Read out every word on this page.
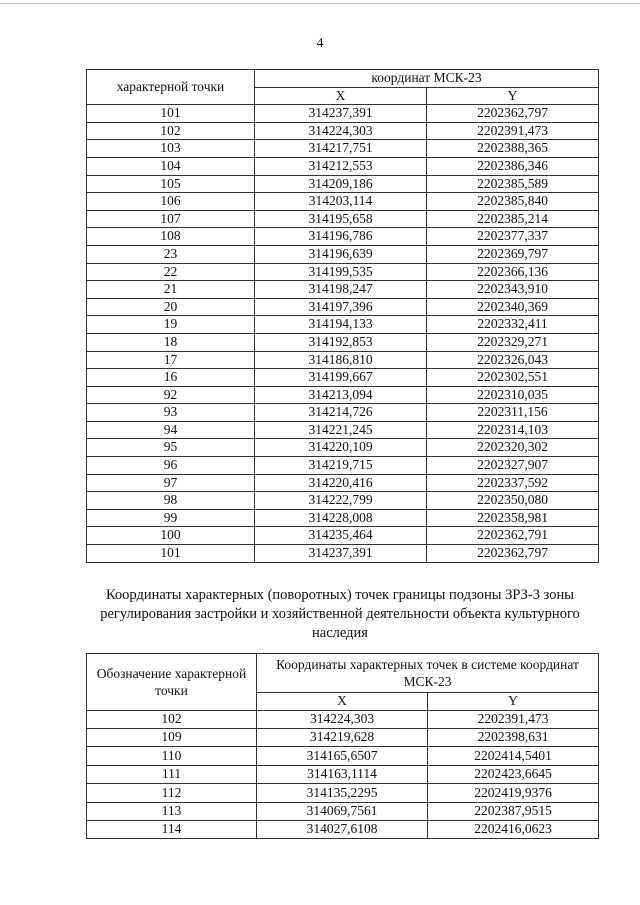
4
характерной точки	координат МСК-23	
	X	Y
101	314237,391	2202362,797
102	314224,303	2202391,473
103	314217,751	2202388,365
104	314212,553	2202386,346
105	314209,186	2202385,589
106	314203,114	2202385,840
107	314195,658	2202385,214
108	314196,786	2202377,337
23	314196,639	2202369,797
22	314199,535	2202366,136
21	314198,247	2202343,910
20	314197,396	2202340,369
19	314194,133	2202332,411
18	314192,853	2202329,271
17	314186,810	2202326,043
16	314199,667	2202302,551
92	314213,094	2202310,035
93	314214,726	2202311,156
94	314221,245	2202314,103
95	314220,109	2202320,302
96	314219,715	2202327,907
97	314220,416	2202337,592
98	314222,799	2202350,080
99	314228,008	2202358,981
100	314235,464	2202362,791
101	314237,391	2202362,797
Координаты характерных (поворотных) точек границы подзоны ЗРЗ-3 зоны регулирования застройки и хозяйственной деятельности объекта культурного наследия
Обозначение характерной точки	Координаты характерных точек в системе координат МСК-23	
	X	Y
102	314224,303	2202391,473
109	314219,628	2202398,631
110	314165,6507	2202414,5401
111	314163,1114	2202423,6645
112	314135,2295	2202419,9376
113	314069,7561	2202387,9515
114	314027,6108	2202416,0623
